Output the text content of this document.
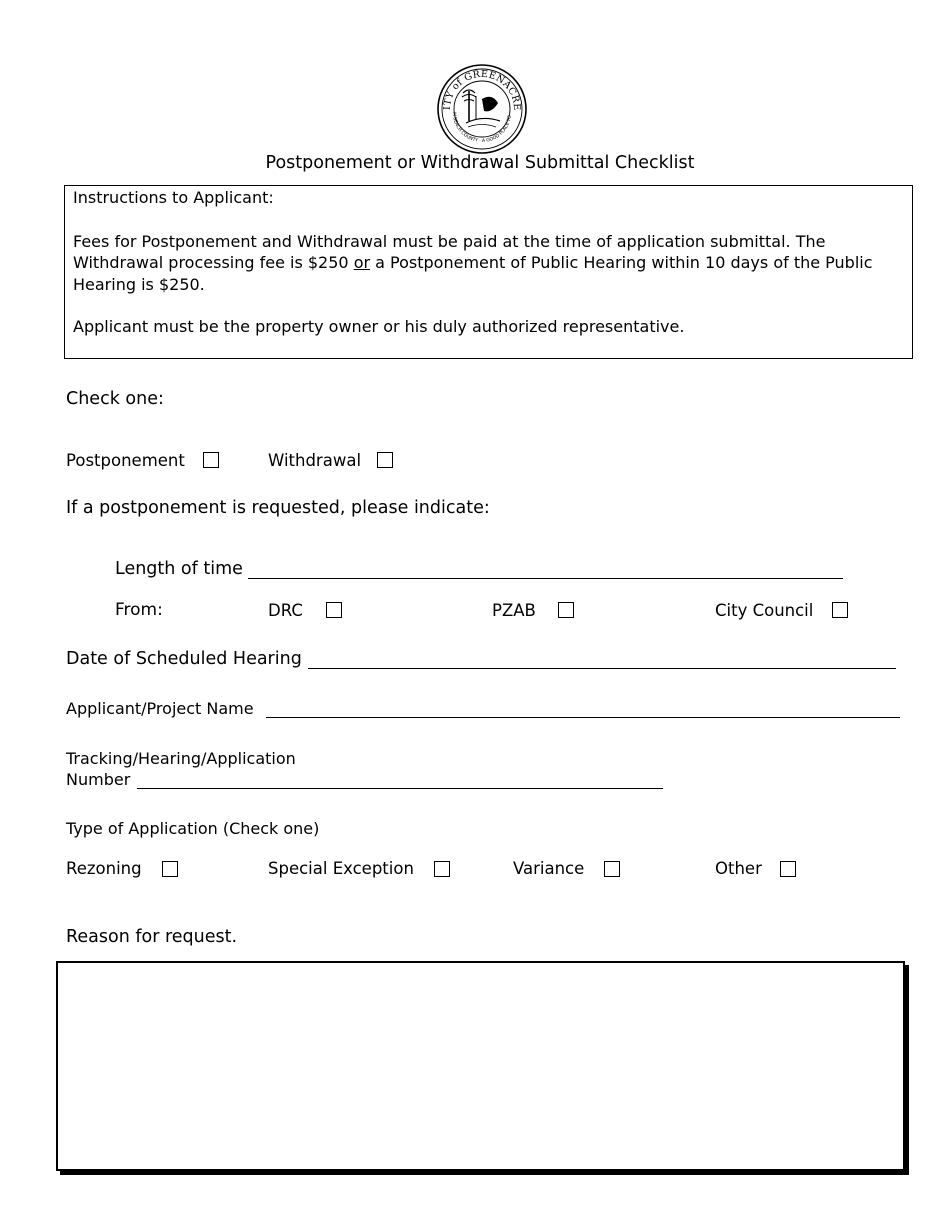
ITY of GREENACRE
M BEACH COUNTY · A GOOD PLACE TO
Postponement or Withdrawal Submittal Checklist

Instructions to Applicant:

Fees for Postponement and Withdrawal must be paid at the time of application submittal. The Withdrawal processing fee is $250 or a Postponement of Public Hearing within 10 days of the Public Hearing is $250.

Applicant must be the property owner or his duly authorized representative.

Check one:
Postponement	Withdrawal
If a postponement is requested, please indicate:
Length of time
From:	DRC	PZAB	City Council
Date of Scheduled Hearing
Applicant/Project Name
Tracking/Hearing/Application
Number
Type of Application (Check one)
Rezoning	Special Exception	Variance	Other
Reason for request.
